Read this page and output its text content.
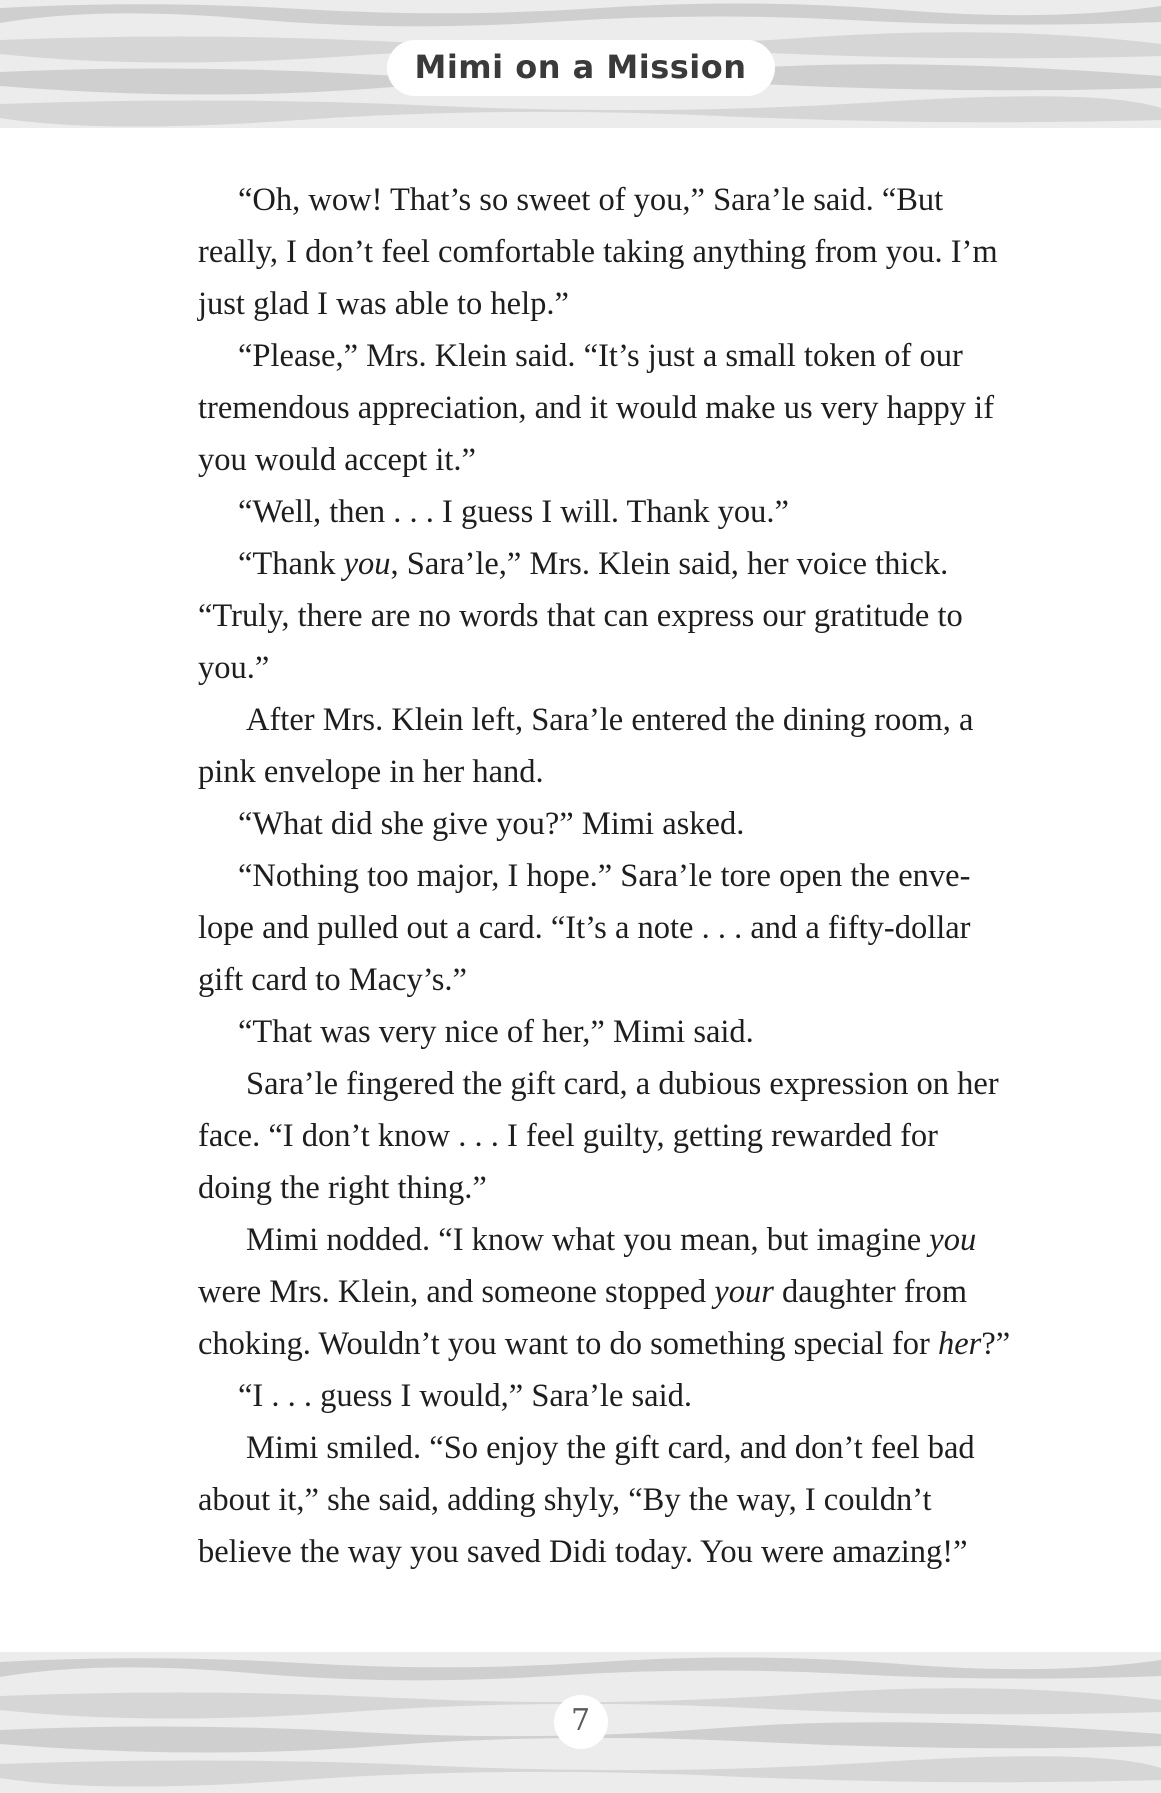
Mimi on a Mission

“Oh, wow! That’s so sweet of you,” Sara’le said. “But really, I don’t feel comfortable taking anything from you. I’m just glad I was able to help.”

“Please,” Mrs. Klein said. “It’s just a small token of our tremendous appreciation, and it would make us very happy if you would accept it.”

“Well, then . . . I guess I will. Thank you.”

“Thank you, Sara’le,” Mrs. Klein said, her voice thick. “Truly, there are no words that can express our gratitude to you.”

After Mrs. Klein left, Sara’le entered the dining room, a pink envelope in her hand.

“What did she give you?” Mimi asked.

“Nothing too major, I hope.” Sara’le tore open the enve-lope and pulled out a card. “It’s a note . . . and a fifty-dollar gift card to Macy’s.”

“That was very nice of her,” Mimi said.

Sara’le fingered the gift card, a dubious expression on her face. “I don’t know . . . I feel guilty, getting rewarded for doing the right thing.”

Mimi nodded. “I know what you mean, but imagine you were Mrs. Klein, and someone stopped your daughter from choking. Wouldn’t you want to do something special for her?”

“I . . . guess I would,” Sara’le said.

Mimi smiled. “So enjoy the gift card, and don’t feel bad about it,” she said, adding shyly, “By the way, I couldn’t believe the way you saved Didi today. You were amazing!”

7
